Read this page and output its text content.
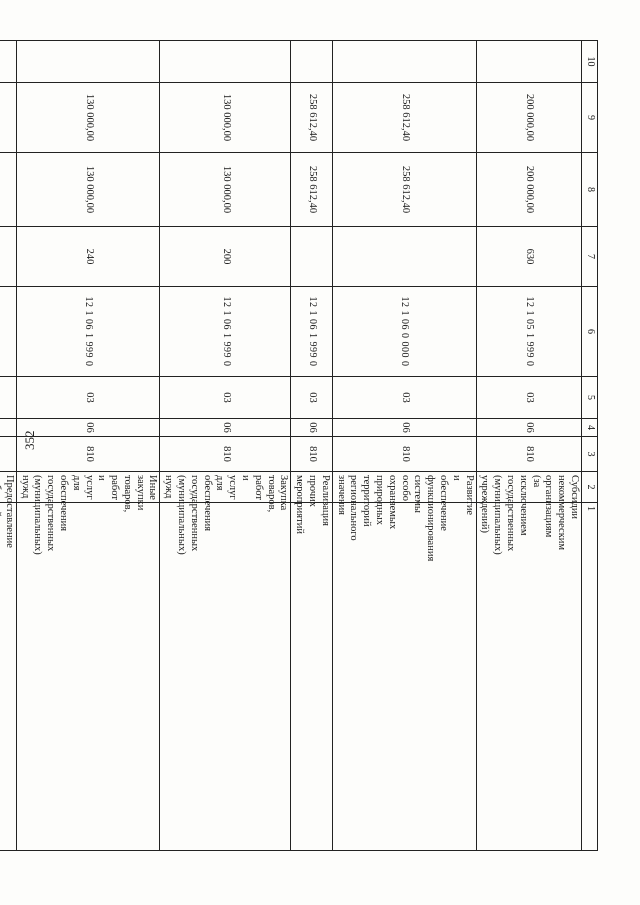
352
10	9	8	7	6	5	4	3	2	1
	200 000,00	200 000,00	630	12 1 05 1 999 0	03	06	810	Субсидии некоммерческим организациям (за исключением государственных (муниципальных) учреждений)	
	258 612,40	258 612,40		12 1 06 0 000 0	03	06	810	Развитие и обеспечение функционирования системы особо охраняемых природных территорий регионального значения	
	258 612,40	258 612,40		12 1 06 1 999 0	03	06	810	Реализация прочих мероприятий	
	130 000,00	130 000,00	200	12 1 06 1 999 0	03	06	810	Закупка товаров, работ и услуг для обеспечения государственных (муниципальных) нужд	
	130 000,00	130 000,00	240	12 1 06 1 999 0	03	06	810	Иные закупки товаров, работ и услуг для обеспечения государственных (муниципальных) нужд	
								Предоставление	
